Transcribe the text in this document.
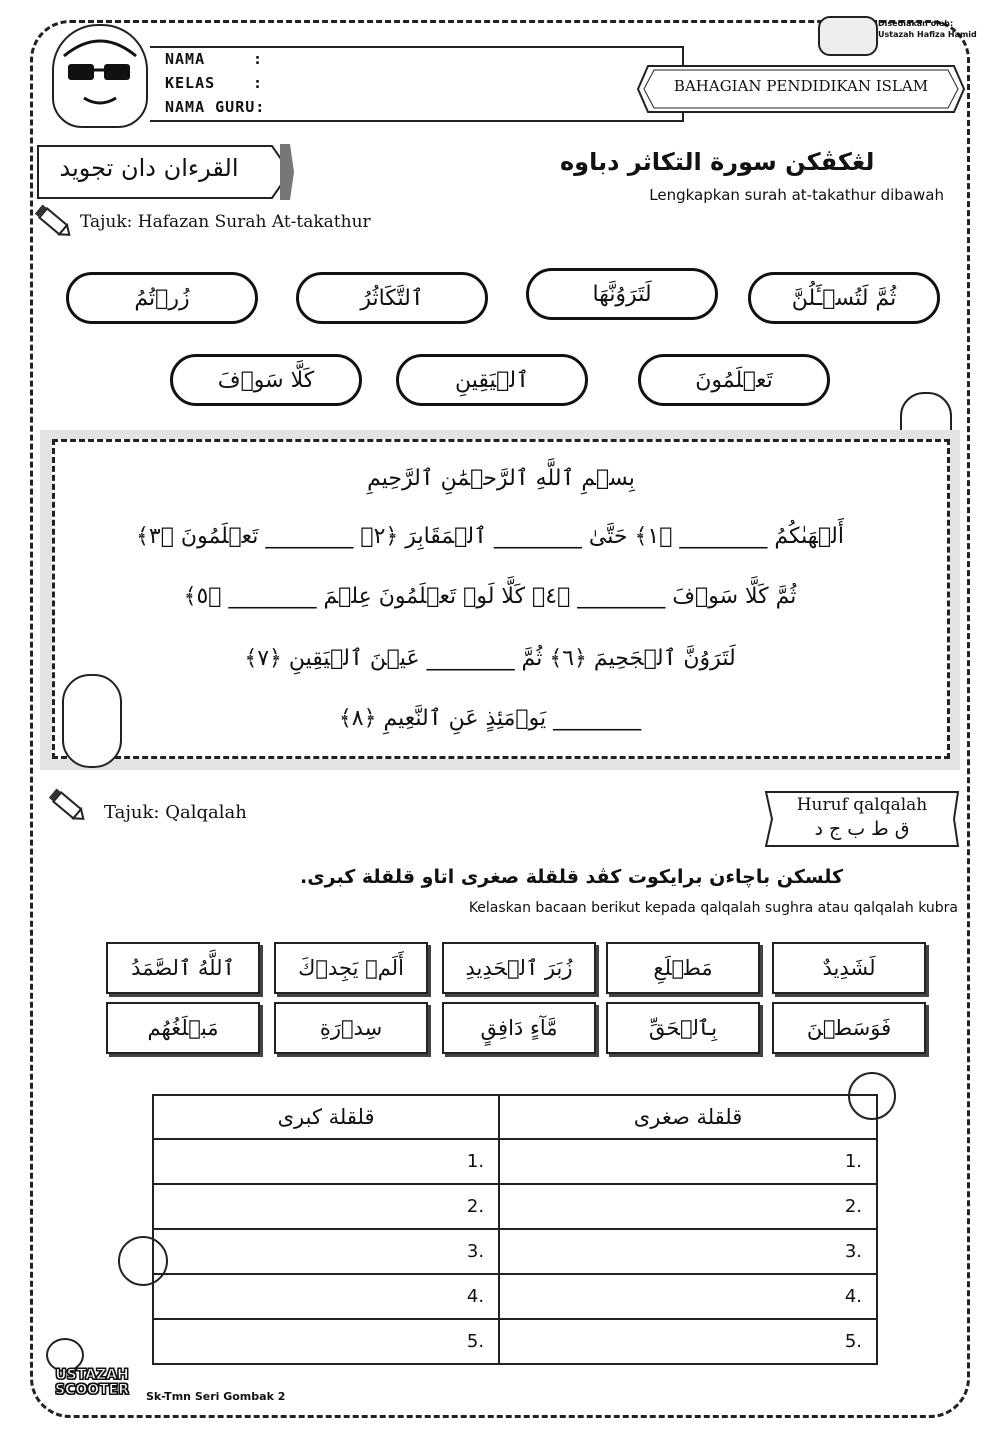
NAMA	:
KELAS	:
NAMA GURU:
Disediakan oleh:
Ustazah Hafiza Hamid
BAHAGIAN PENDIDIKAN ISLAM
القرءان دان تجويد	لڠكڤكن سورة التكاثر دباوه
Lengkapkan surah at-takathur dibawah
Tajuk: Hafazan Surah At-takathur
زُرۡتُمُ	ٱلتَّكَاثُرُ	لَتَرَوُنَّهَا	ثُمَّ لَتُسۡـَٔلُنَّ
كَلَّا سَوۡفَ	ٱلۡيَقِينِ	تَعۡلَمُونَ
بِسۡمِ ٱللَّهِ ٱلرَّحۡمَٰنِ ٱلرَّحِيمِ
أَلۡهَىٰكُمُ ________ ﴿١﴾ حَتَّىٰ ________ ٱلۡمَقَابِرَ ﴿٢﴾ ________ تَعۡلَمُونَ ﴿٣﴾
ثُمَّ كَلَّا سَوۡفَ ________ ﴿٤﴾ كَلَّا لَوۡ تَعۡلَمُونَ عِلۡمَ ________ ﴿٥﴾
لَتَرَوُنَّ ٱلۡجَحِيمَ ﴿٦﴾ ثُمَّ ________ عَيۡنَ ٱلۡيَقِينِ ﴿٧﴾
________ يَوۡمَئِذٍ عَنِ ٱلنَّعِيمِ ﴿٨﴾
Tajuk: Qalqalah	Huruf qalqalah
ق ط ب ج د
كلسكن باچاءن برايكوت كڤد قلقلة صغرى اتاو قلقلة كبرى.
Kelaskan bacaan berikut kepada qalqalah sughra atau qalqalah kubra
ٱللَّهُ ٱلصَّمَدُ	أَلَمۡ يَجِدۡكَ	زُبَرَ ٱلۡحَدِيدِ	مَطۡلَعِ	لَشَدِيدٌ
مَبۡلَغُهُم	سِدۡرَةِ	مَّآءٍ دَافِقٍ	بِٱلۡحَقِّ	فَوَسَطۡنَ
قلقلة كبرى	قلقلة صغرى
1.	1.
2.	2.
3.	3.
4.	4.
5.	5.
USTAZAH
SCOOTER	Sk-Tmn Seri Gombak 2
